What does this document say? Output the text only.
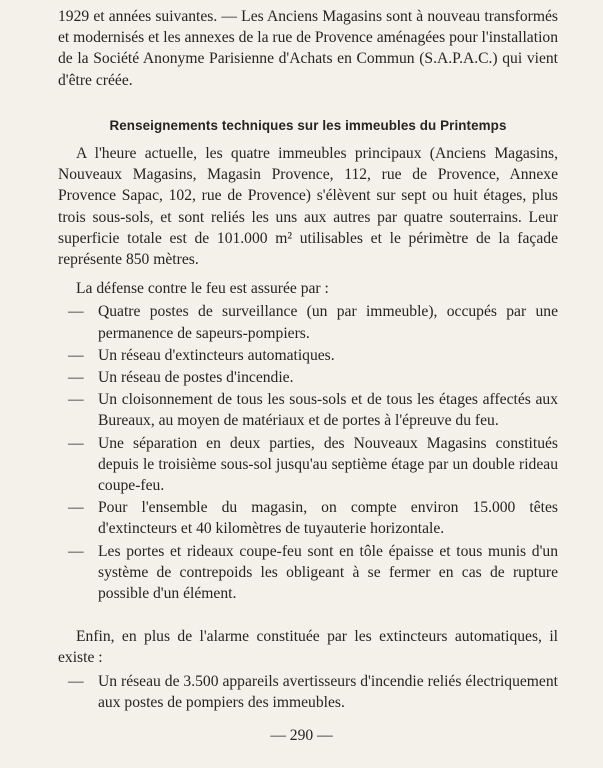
1929 et années suivantes. — Les Anciens Magasins sont à nouveau transformés et modernisés et les annexes de la rue de Provence aménagées pour l'installation de la Société Anonyme Parisienne d'Achats en Commun (S.A.P.A.C.) qui vient d'être créée.

Renseignements techniques sur les immeubles du Printemps

A l'heure actuelle, les quatre immeubles principaux (Anciens Magasins, Nouveaux Magasins, Magasin Provence, 112, rue de Provence, Annexe Provence Sapac, 102, rue de Provence) s'élèvent sur sept ou huit étages, plus trois sous-sols, et sont reliés les uns aux autres par quatre souterrains. Leur superficie totale est de 101.000 m² utilisables et le périmètre de la façade représente 850 mètres.

La défense contre le feu est assurée par :

— Quatre postes de surveillance (un par immeuble), occupés par une permanence de sapeurs-pompiers.
— Un réseau d'extincteurs automatiques.
— Un réseau de postes d'incendie.
— Un cloisonnement de tous les sous-sols et de tous les étages affectés aux Bureaux, au moyen de matériaux et de portes à l'épreuve du feu.
— Une séparation en deux parties, des Nouveaux Magasins constitués depuis le troisième sous-sol jusqu'au septième étage par un double rideau coupe-feu.
— Pour l'ensemble du magasin, on compte environ 15.000 têtes d'extincteurs et 40 kilomètres de tuyauterie horizontale.
— Les portes et rideaux coupe-feu sont en tôle épaisse et tous munis d'un système de contrepoids les obligeant à se fermer en cas de rupture possible d'un élément.

Enfin, en plus de l'alarme constituée par les extincteurs automatiques, il existe :

— Un réseau de 3.500 appareils avertisseurs d'incendie reliés électriquement aux postes de pompiers des immeubles.
— 290 —
